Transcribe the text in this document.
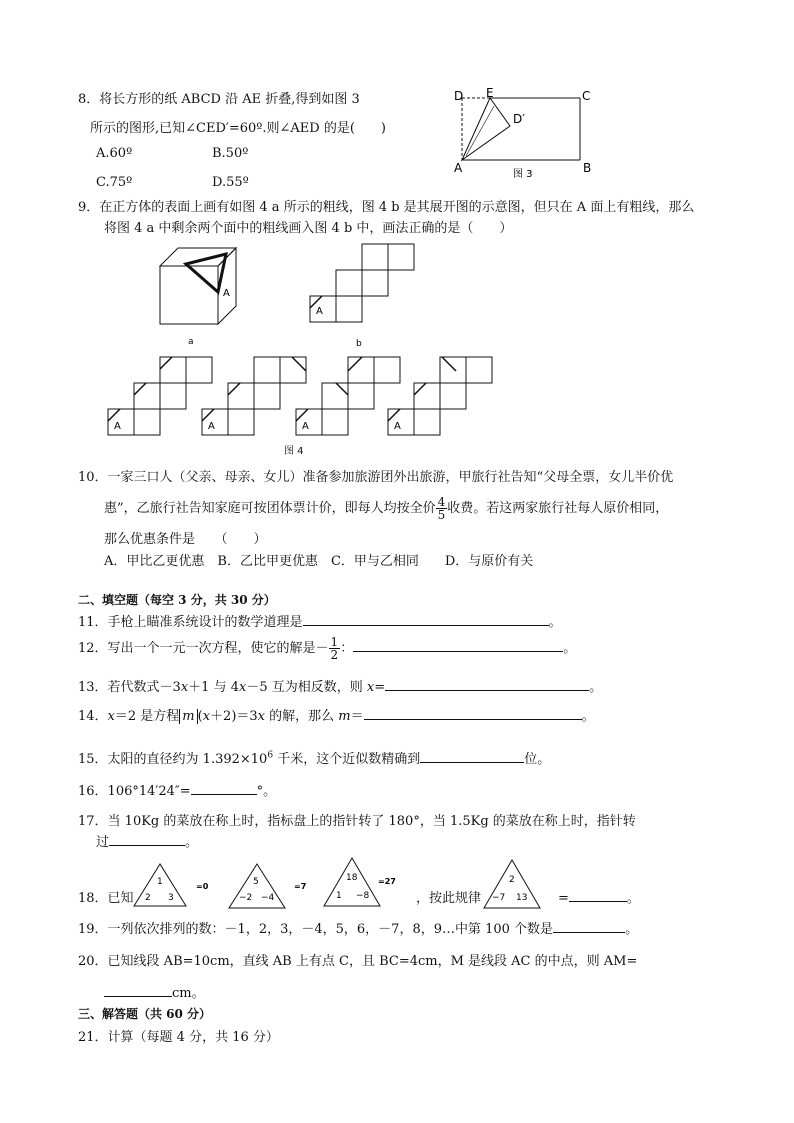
8．将长方形的纸 ABCD 沿 AE 折叠,得到如图 3
所示的图形,已知∠CED′=60º.则∠AED 的是(　　)
A.60º	B.50º
C.75º	D.55º
D E	C
D′
A	B
图 3
9．在正方体的表面上画有如图 4 a 所示的粗线，图 4 b 是其展开图的示意图，但只在 A 面上有粗线，那么
将图 4 a 中剩余两个面中的粗线画入图 4 b 中，画法正确的是（　　）
A
a
A
b
A	A	A	A
图 4
10．一家三口人（父亲、母亲、女儿）准备参加旅游团外出旅游，甲旅行社告知“父母全票，女儿半价优
惠”，乙旅行社告知家庭可按团体票计价，即每人均按全价 $\frac{4}{5}$ 收费。若这两家旅行社每人原价相同，
那么优惠条件是　　（　　）
A．甲比乙更优惠　B．乙比甲更优惠　C．甲与乙相同　　D．与原价有关
二、填空题（每空 3 分，共 30 分）
11．手枪上瞄准系统设计的数学道理是	。
12．写出一个一元一次方程，使它的解是－ $\frac{1}{2}$ ：	。
13．若代数式－3x＋1 与 4x－5 互为相反数，则 x=	。
14．x＝2 是方程 m (x＋2)＝3x 的解，那么 m＝	。
15．太阳的直径约为 $1.392\times 10^6$ 千米，这个近似数精确到	位。
16．106°14′24″=	°。
17．当 10Kg 的菜放在称上时，指标盘上的指针转了 180°，当 1.5Kg 的菜放在称上时，指针转
过	。
18．已知
1
2 3
=0	5
−2 −4
=7
18
1 −8
=27
，按此规律
2
−7 13 =	。
19．一列依次排列的数：－1，2，3，－4，5，6，－7，8，9…中第 100 个数是	。
20．已知线段 AB=10cm，直线 AB 上有点 C，且 BC=4cm，M 是线段 AC 的中点，则 AM=
cm。
三、解答题（共 60 分）
21．计算（每题 4 分，共 16 分）
